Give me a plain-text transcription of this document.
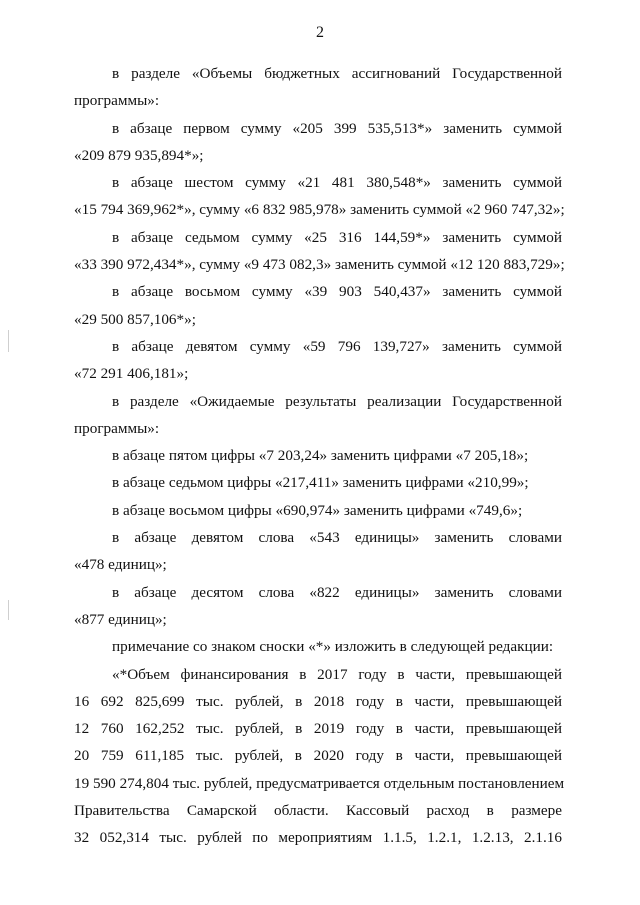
2

в разделе «Объемы бюджетных ассигнований Государственной
программы»:

в абзаце первом сумму «205 399 535,513*» заменить суммой
«209 879 935,894*»;

в абзаце шестом сумму «21 481 380,548*» заменить суммой
«15 794 369,962*», сумму «6 832 985,978» заменить суммой «2 960 747,32»;

в абзаце седьмом сумму «25 316 144,59*» заменить суммой
«33 390 972,434*», сумму «9 473 082,3» заменить суммой «12 120 883,729»;

в абзаце восьмом сумму «39 903 540,437» заменить суммой
«29 500 857,106*»;

в абзаце девятом сумму «59 796 139,727» заменить суммой
«72 291 406,181»;

в разделе «Ожидаемые результаты реализации Государственной
программы»:

в абзаце пятом цифры «7 203,24» заменить цифрами «7 205,18»;

в абзаце седьмом цифры «217,411» заменить цифрами «210,99»;

в абзаце восьмом цифры «690,974» заменить цифрами «749,6»;

в абзаце девятом слова «543 единицы» заменить словами
«478 единиц»;

в абзаце десятом слова «822 единицы» заменить словами
«877 единиц»;

примечание со знаком сноски «*» изложить в следующей редакции:

«*Объем финансирования в 2017 году в части, превышающей
16 692 825,699 тыс. рублей, в 2018 году в части, превышающей
12 760 162,252 тыс. рублей, в 2019 году в части, превышающей
20 759 611,185 тыс. рублей, в 2020 году в части, превышающей
19 590 274,804 тыс. рублей, предусматривается отдельным постановлением
Правительства Самарской области. Кассовый расход в размере
32 052,314 тыс. рублей по мероприятиям 1.1.5, 1.2.1, 1.2.13, 2.1.16
